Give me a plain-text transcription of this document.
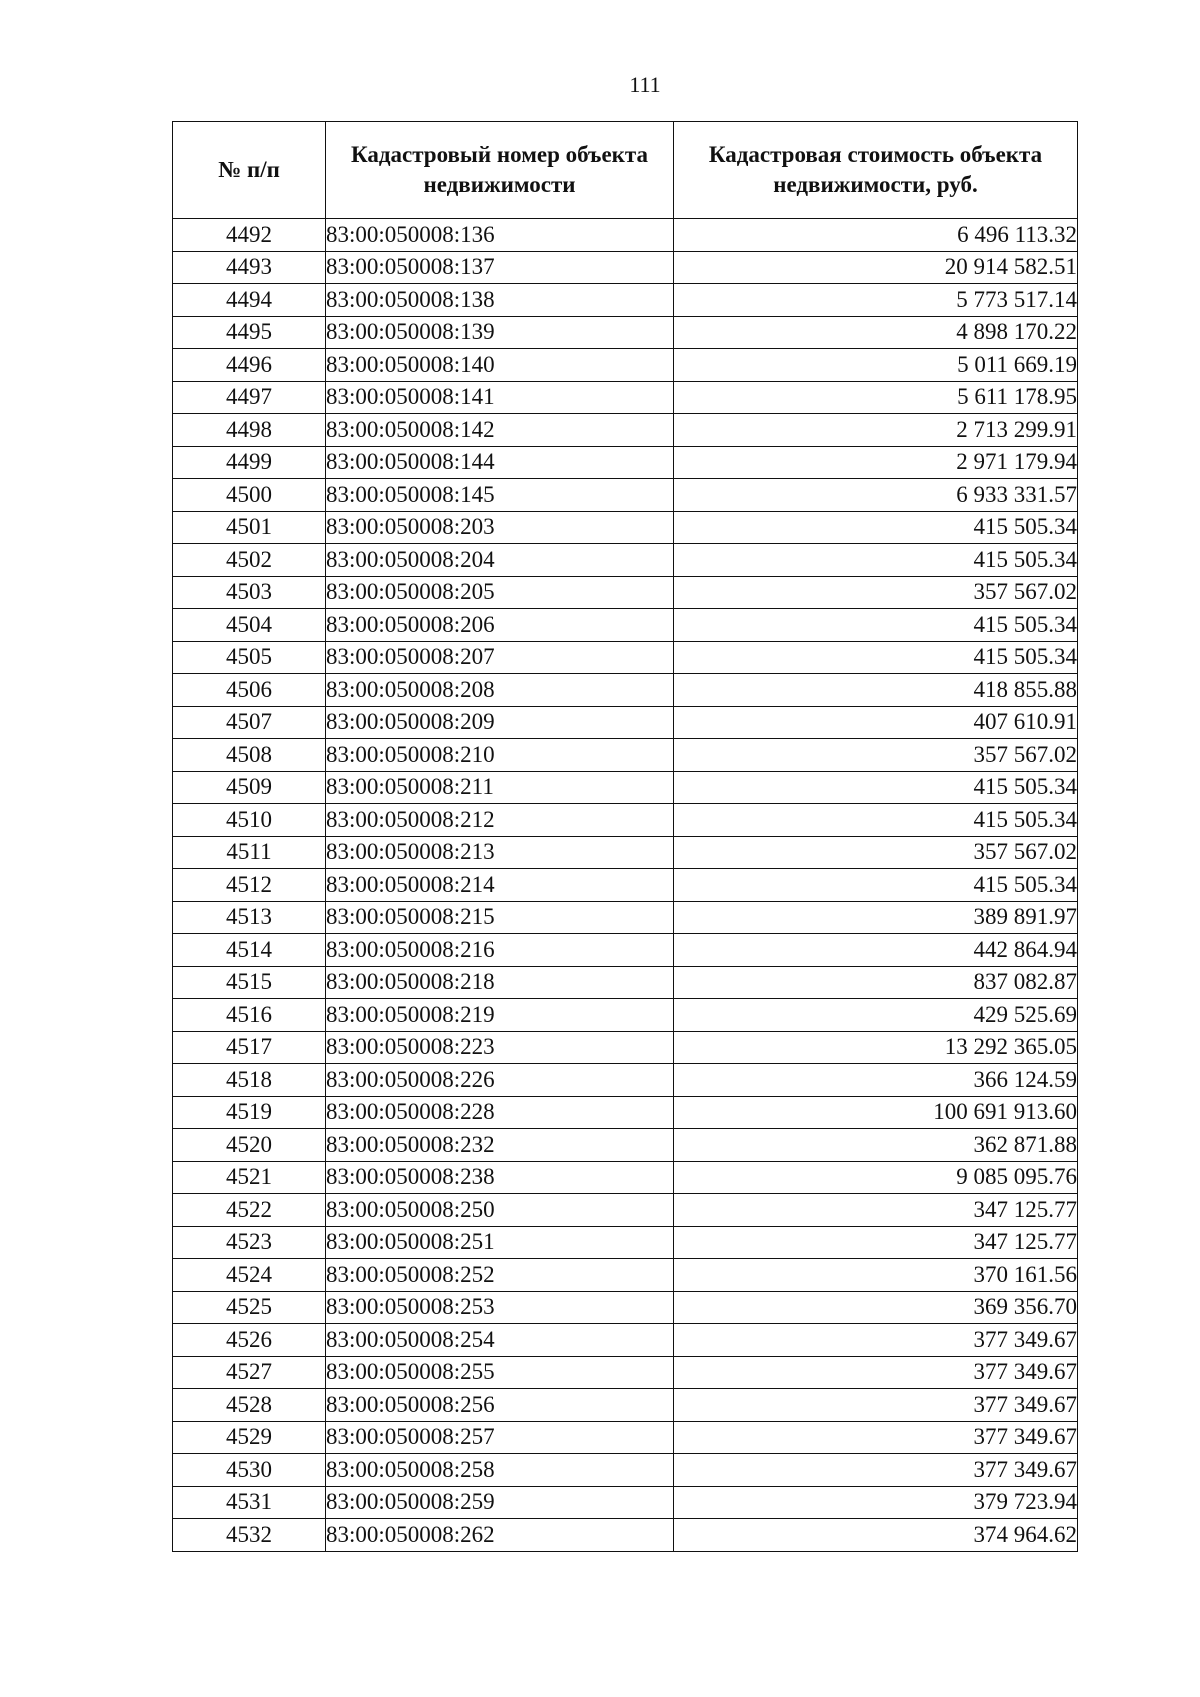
111
№ п/п	Кадастровый номер объекта недвижимости	Кадастровая стоимость объекта недвижимости, руб.
4492	83:00:050008:136	6 496 113.32
4493	83:00:050008:137	20 914 582.51
4494	83:00:050008:138	5 773 517.14
4495	83:00:050008:139	4 898 170.22
4496	83:00:050008:140	5 011 669.19
4497	83:00:050008:141	5 611 178.95
4498	83:00:050008:142	2 713 299.91
4499	83:00:050008:144	2 971 179.94
4500	83:00:050008:145	6 933 331.57
4501	83:00:050008:203	415 505.34
4502	83:00:050008:204	415 505.34
4503	83:00:050008:205	357 567.02
4504	83:00:050008:206	415 505.34
4505	83:00:050008:207	415 505.34
4506	83:00:050008:208	418 855.88
4507	83:00:050008:209	407 610.91
4508	83:00:050008:210	357 567.02
4509	83:00:050008:211	415 505.34
4510	83:00:050008:212	415 505.34
4511	83:00:050008:213	357 567.02
4512	83:00:050008:214	415 505.34
4513	83:00:050008:215	389 891.97
4514	83:00:050008:216	442 864.94
4515	83:00:050008:218	837 082.87
4516	83:00:050008:219	429 525.69
4517	83:00:050008:223	13 292 365.05
4518	83:00:050008:226	366 124.59
4519	83:00:050008:228	100 691 913.60
4520	83:00:050008:232	362 871.88
4521	83:00:050008:238	9 085 095.76
4522	83:00:050008:250	347 125.77
4523	83:00:050008:251	347 125.77
4524	83:00:050008:252	370 161.56
4525	83:00:050008:253	369 356.70
4526	83:00:050008:254	377 349.67
4527	83:00:050008:255	377 349.67
4528	83:00:050008:256	377 349.67
4529	83:00:050008:257	377 349.67
4530	83:00:050008:258	377 349.67
4531	83:00:050008:259	379 723.94
4532	83:00:050008:262	374 964.62
